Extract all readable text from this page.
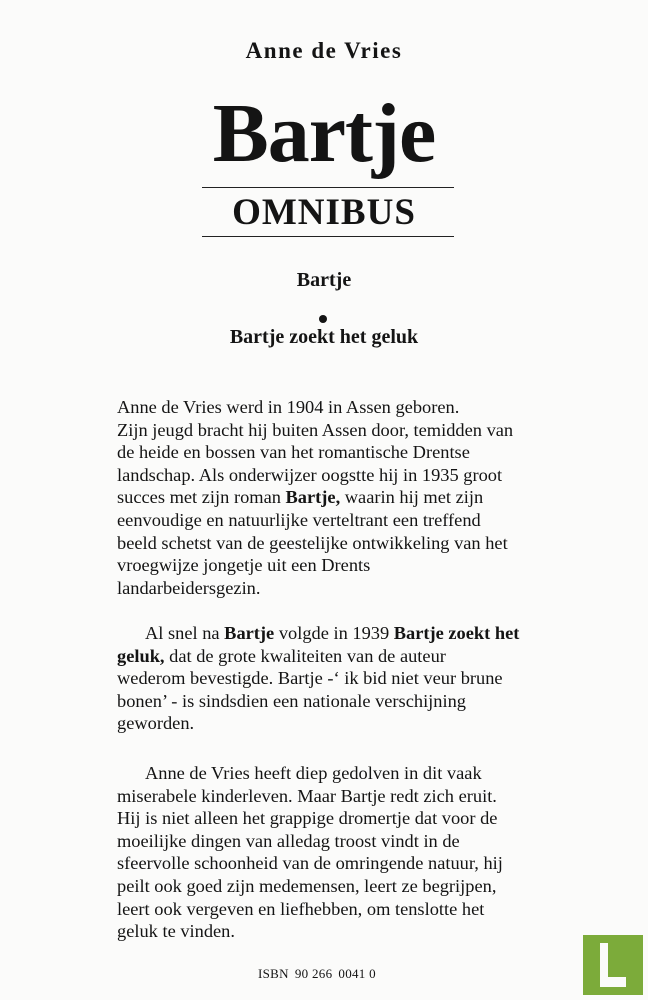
Anne de Vries
Bartje
OMNIBUS
Bartje
Bartje zoekt het geluk
Anne de Vries werd in 1904 in Assen geboren.
Zijn jeugd bracht hij buiten Assen door, temidden van
de heide en bossen van het romantische Drentse
landschap. Als onderwijzer oogstte hij in 1935 groot
succes met zijn roman Bartje, waarin hij met zijn
eenvoudige en natuurlijke verteltrant een treffend
beeld schetst van de geestelijke ontwikkeling van het
vroegwijze jongetje uit een Drents
landarbeidersgezin.
Al snel na Bartje volgde in 1939 Bartje zoekt het
geluk, dat de grote kwaliteiten van de auteur
wederom bevestigde. Bartje -‘ ik bid niet veur brune
bonen’ - is sindsdien een nationale verschijning
geworden.
Anne de Vries heeft diep gedolven in dit vaak
miserabele kinderleven. Maar Bartje redt zich eruit.
Hij is niet alleen het grappige dromertje dat voor de
moeilijke dingen van alledag troost vindt in de
sfeervolle schoonheid van de omringende natuur, hij
peilt ook goed zijn medemensen, leert ze begrijpen,
leert ook vergeven en liefhebben, om tenslotte het
geluk te vinden.
ISBN 90 266 0041 0
